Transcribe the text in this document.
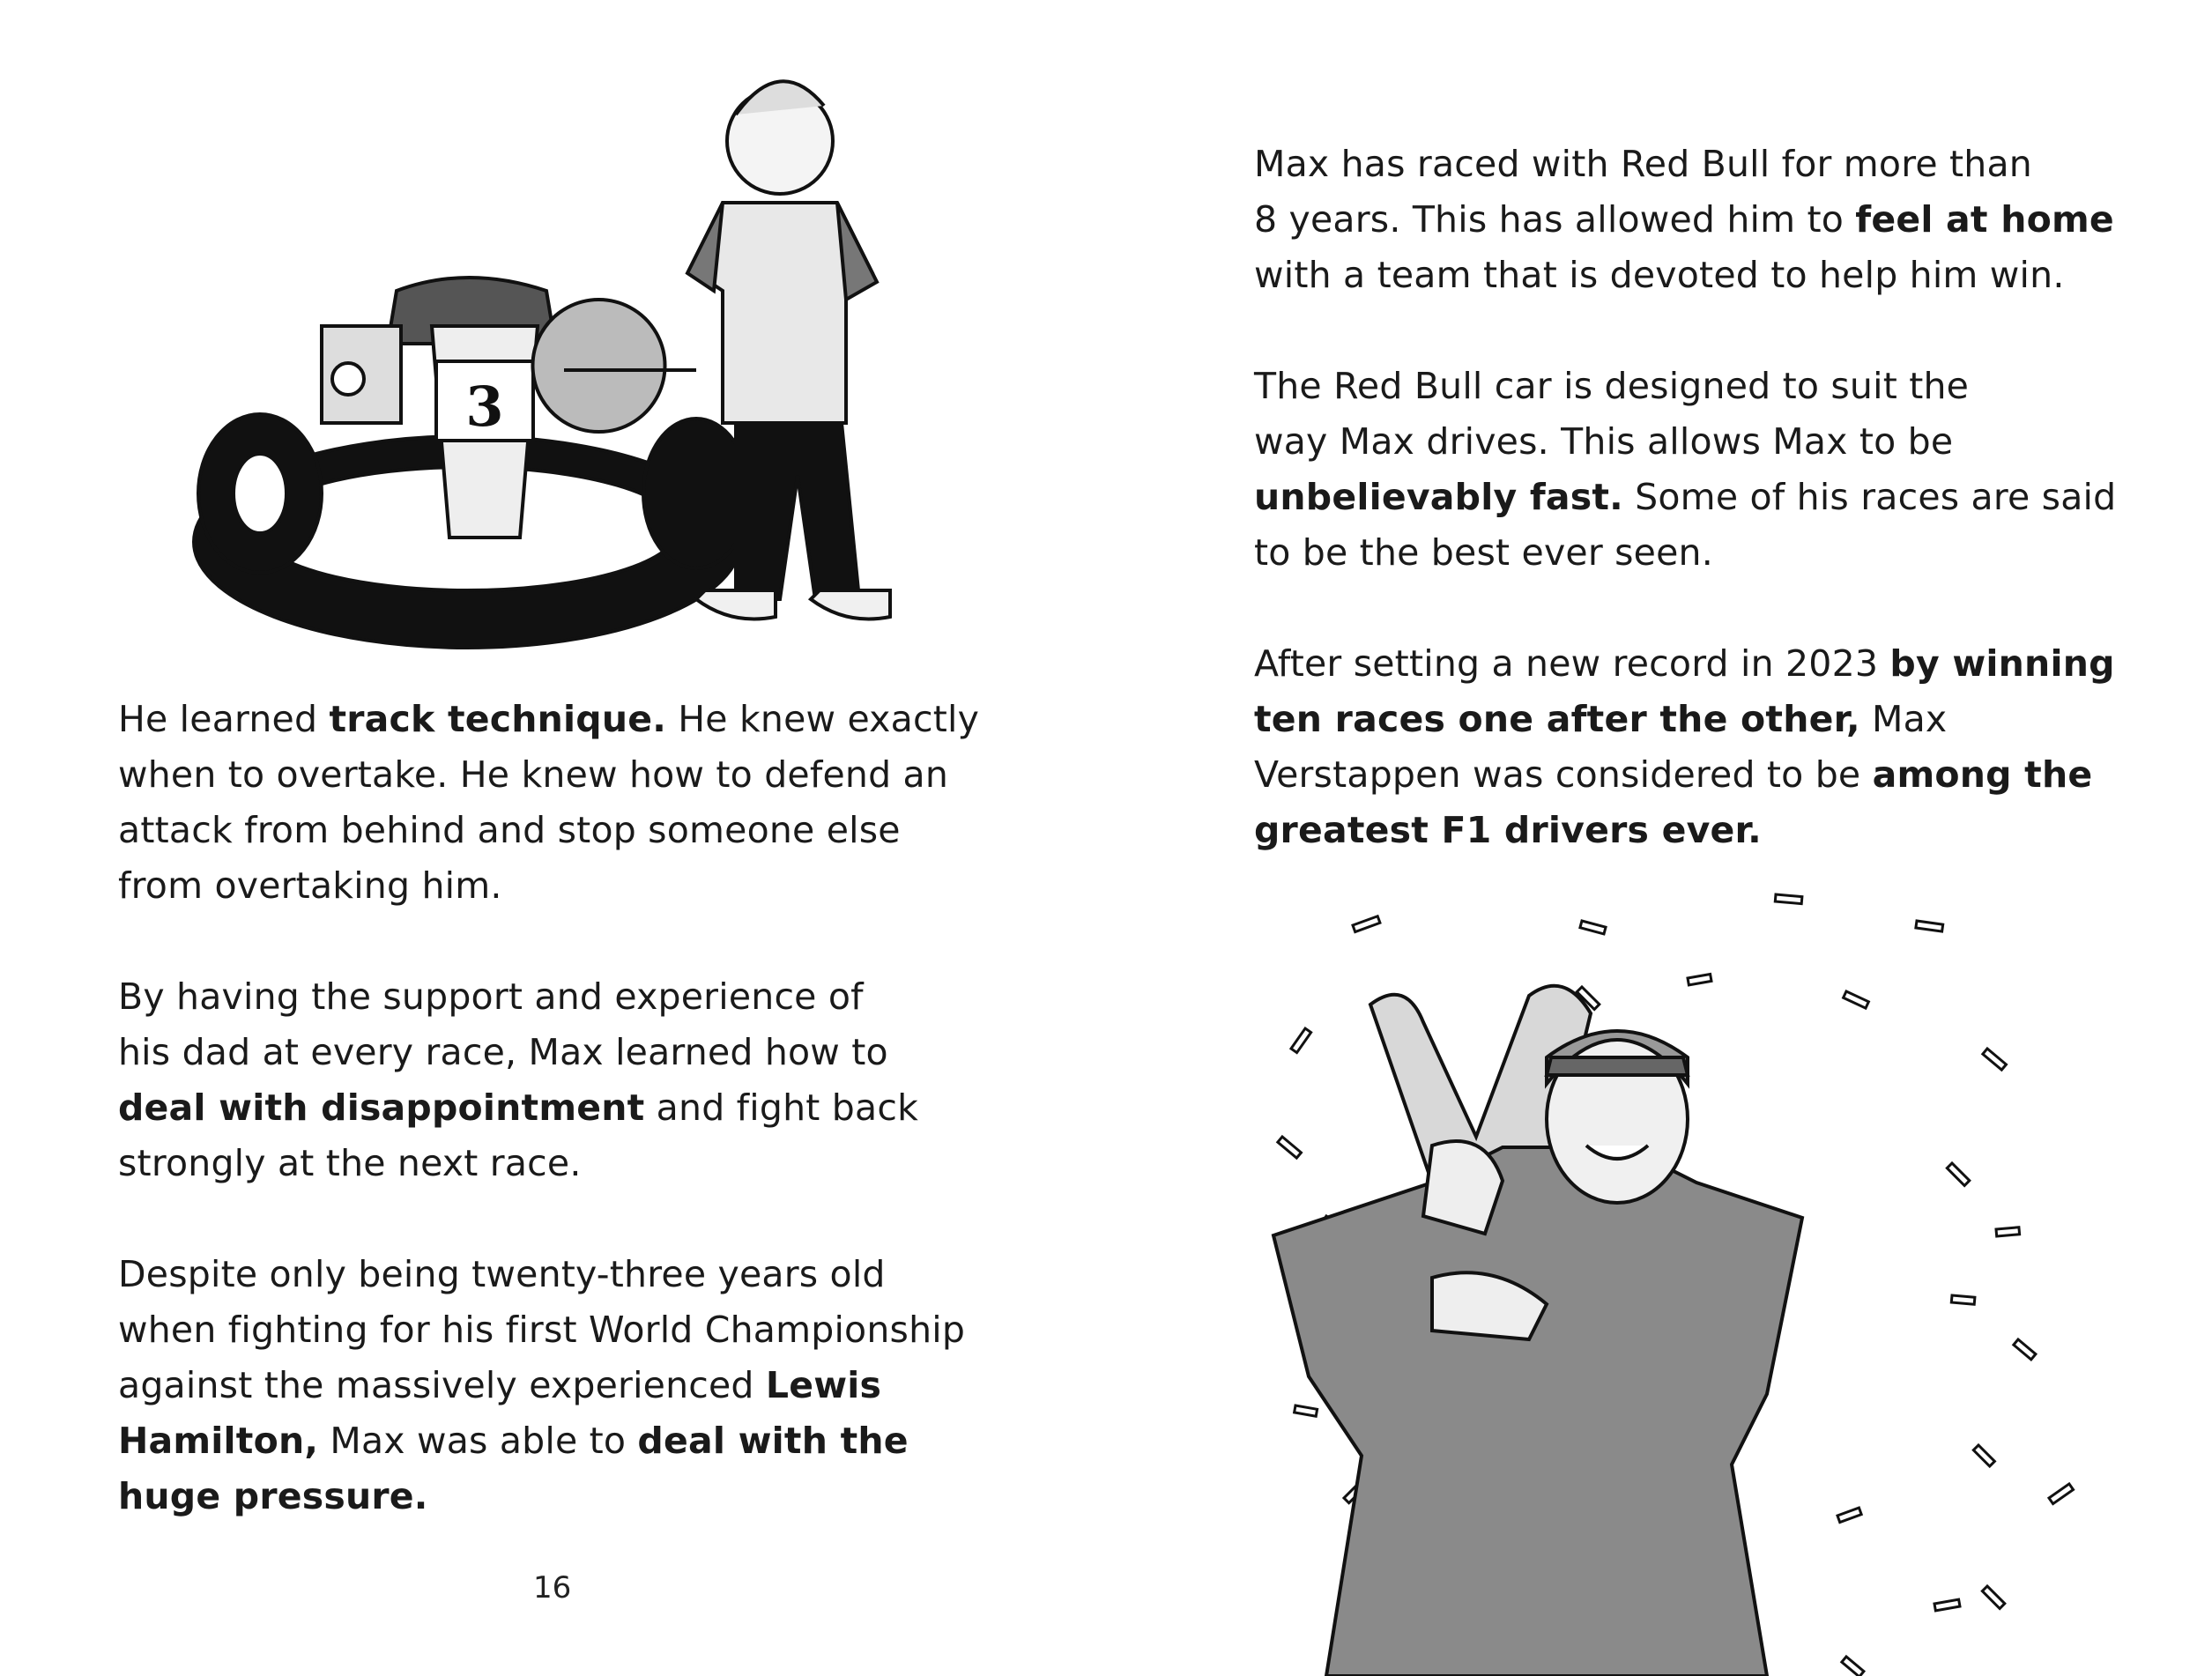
3

He learned track technique. He knew exactly
when to overtake. He knew how to defend an
attack from behind and stop someone else
from overtaking him.

By having the support and experience of
his dad at every race, Max learned how to
deal with disappointment and fight back
strongly at the next race.

Despite only being twenty-three years old
when fighting for his first World Championship
against the massively experienced Lewis
Hamilton, Max was able to deal with the
huge pressure.

16

Max has raced with Red Bull for more than
8 years. This has allowed him to feel at home
with a team that is devoted to help him win.

The Red Bull car is designed to suit the
way Max drives. This allows Max to be
unbelievably fast. Some of his races are said
to be the best ever seen.

After setting a new record in 2023 by winning
ten races one after the other, Max
Verstappen was considered to be among the
greatest F1 drivers ever.
